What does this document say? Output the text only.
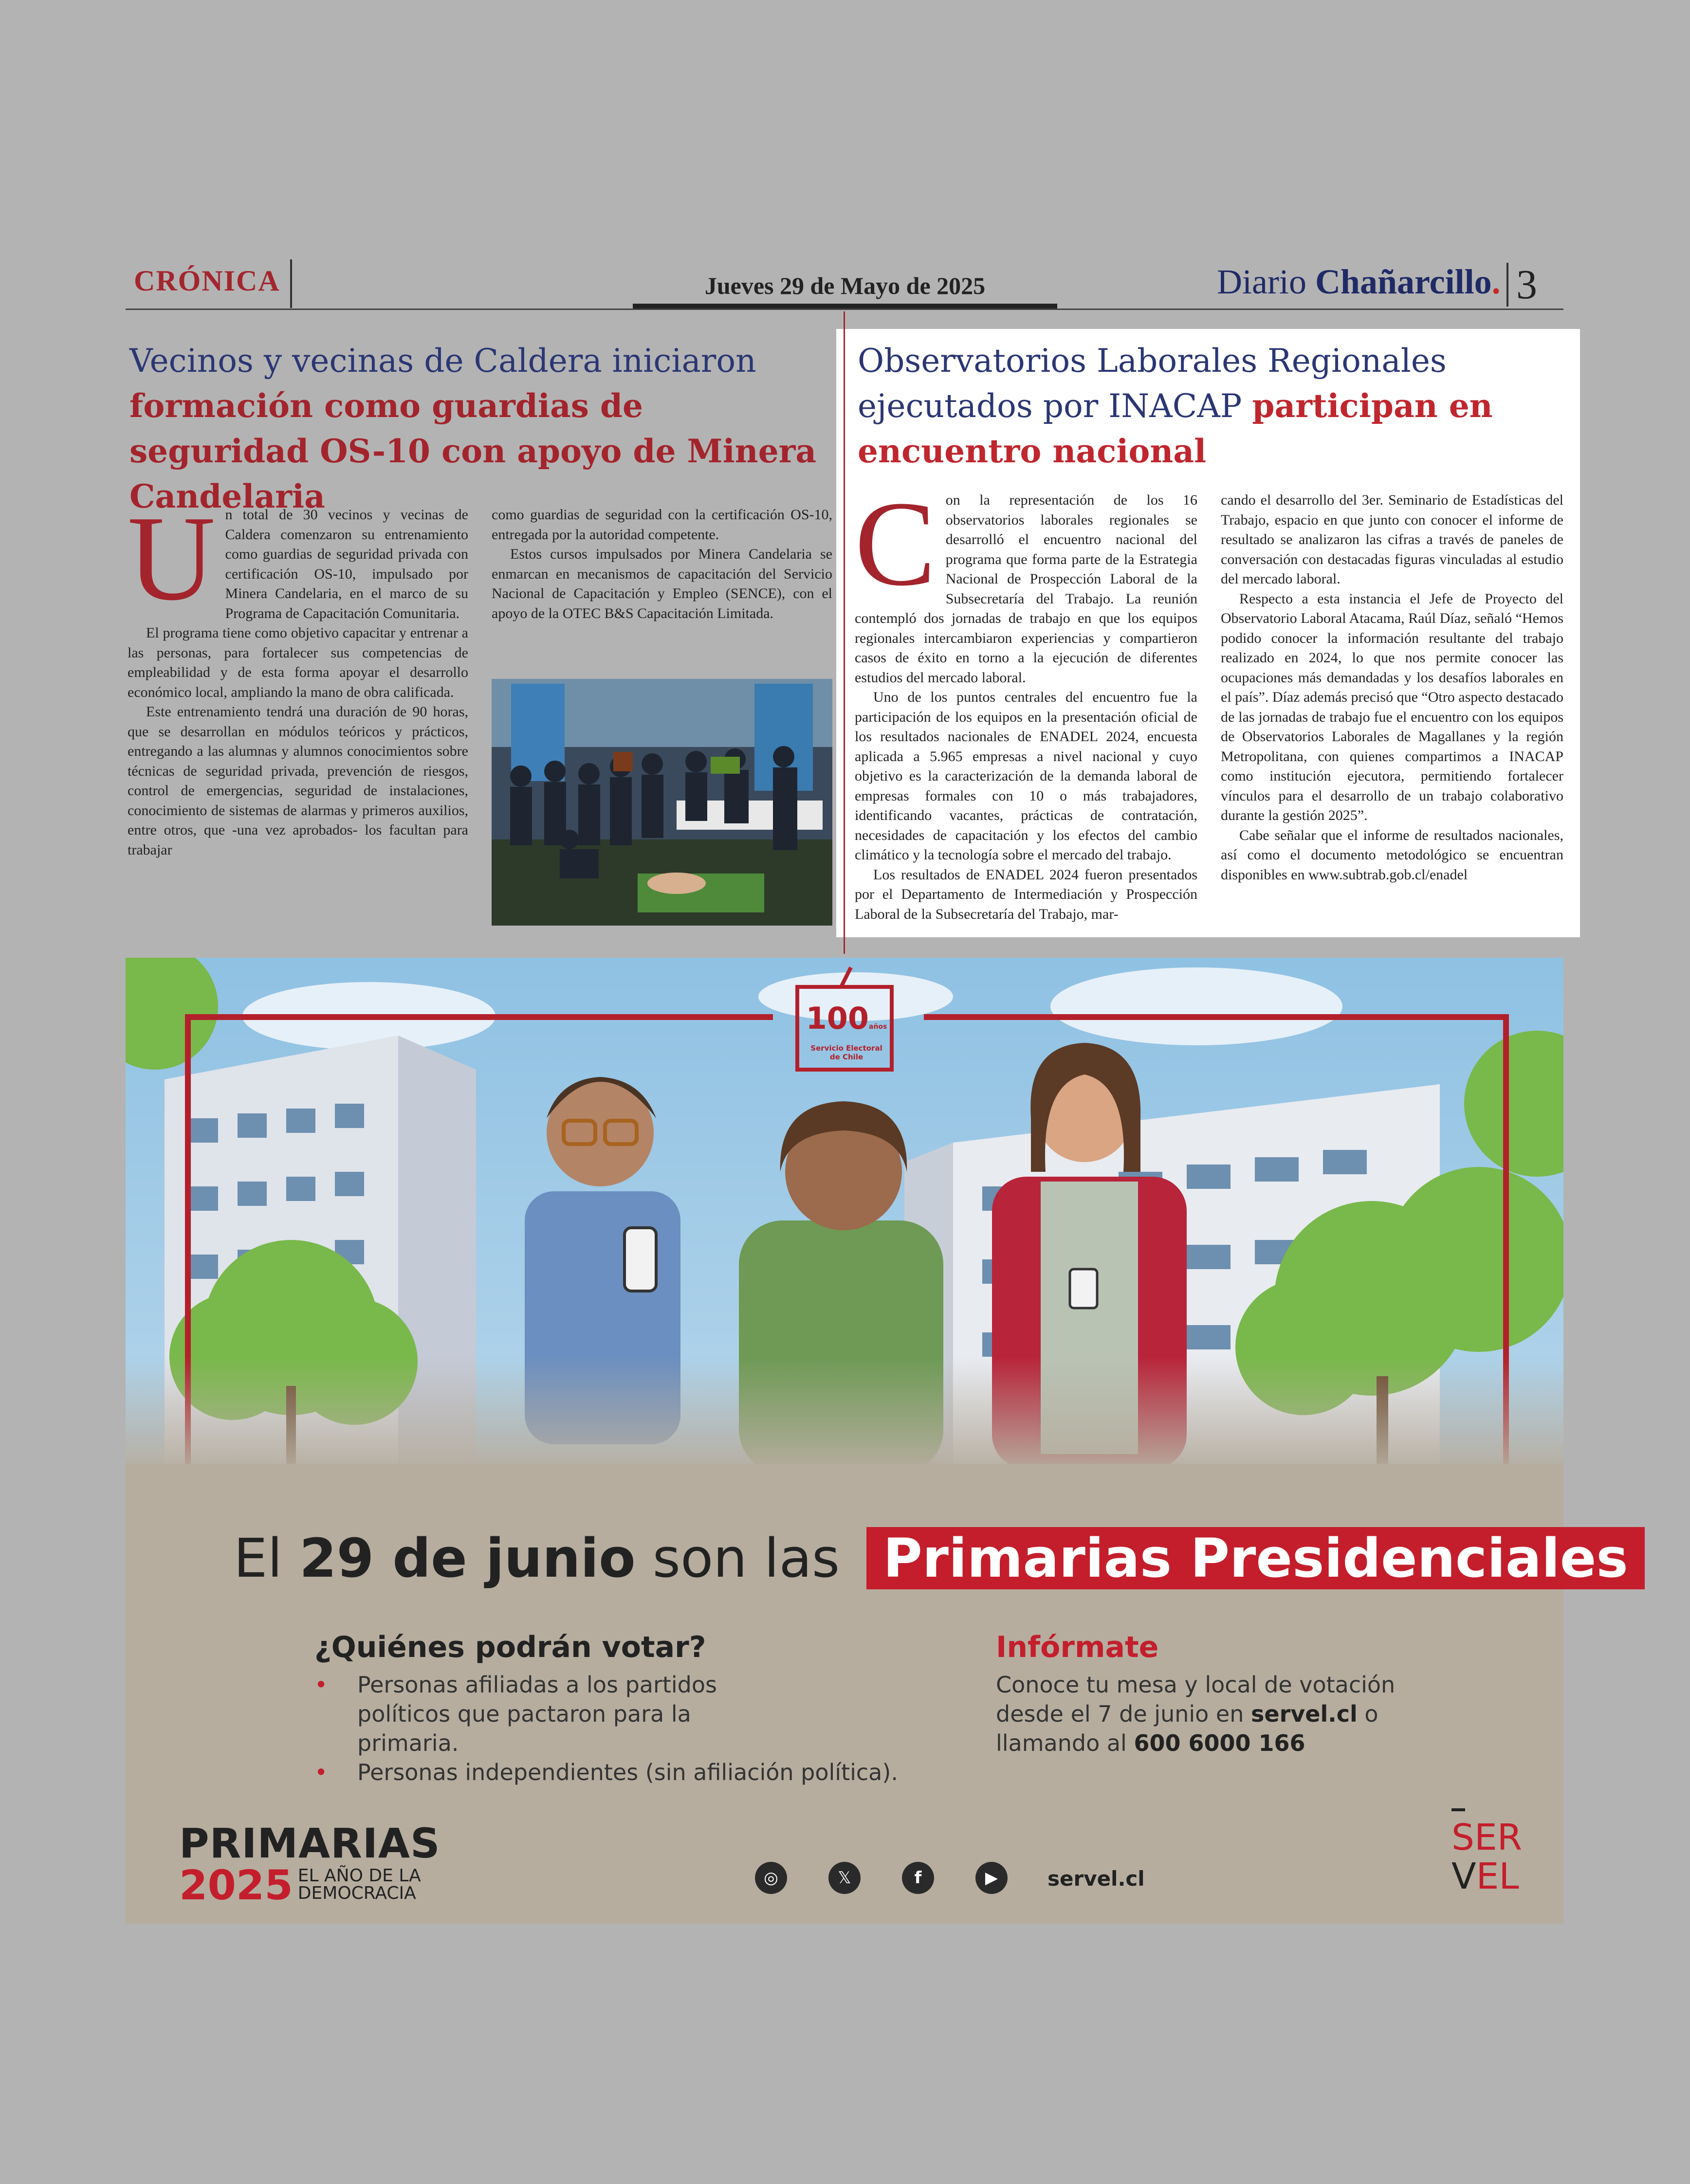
CRÓNICA	Jueves 29 de Mayo de 2025	Diario Chañarcillo. 3
Vecinos y vecinas de Caldera iniciaron
formación como guardias de seguridad OS-10 con apoyo de Minera Candelaria
U n total de 30 vecinos y vecinas de Caldera comenzaron su entrenamiento como guardias de seguridad privada con certificación OS-10, impulsado por Minera Candelaria, en el marco de su Programa de Capacitación Comunitaria.

El programa tiene como objetivo capacitar y entrenar a las personas, para fortalecer sus competencias de empleabilidad y de esta forma apoyar el desarrollo económico local, ampliando la mano de obra calificada.

Este entrenamiento tendrá una duración de 90 horas, que se desarrollan en módulos teóricos y prácticos, entregando a las alumnas y alumnos conocimientos sobre técnicas de seguridad privada, prevención de riesgos, control de emergencias, seguridad de instalaciones, conocimiento de sistemas de alarmas y primeros auxilios, entre otros, que -una vez aprobados- los facultan para trabajar

como guardias de seguridad con la certificación OS-10, entregada por la autoridad competente.

Estos cursos impulsados por Minera Candelaria se enmarcan en mecanismos de capacitación del Servicio Nacional de Capacitación y Empleo (SENCE), con el apoyo de la OTEC B&S Capacitación Limitada.

Observatorios Laborales Regionales ejecutados por INACAP participan en encuentro nacional
C on la representación de los 16 observatorios laborales regionales se desarrolló el encuentro nacional del programa que forma parte de la Estrategia Nacional de Prospección Laboral de la Subsecretaría del Trabajo. La reunión contempló dos jornadas de trabajo en que los equipos regionales intercambiaron experiencias y compartieron casos de éxito en torno a la ejecución de diferentes estudios del mercado laboral.

Uno de los puntos centrales del encuentro fue la participación de los equipos en la presentación oficial de los resultados nacionales de ENADEL 2024, encuesta aplicada a 5.965 empresas a nivel nacional y cuyo objetivo es la caracterización de la demanda laboral de empresas formales con 10 o más trabajadores, identificando vacantes, prácticas de contratación, necesidades de capacitación y los efectos del cambio climático y la tecnología sobre el mercado del trabajo.

Los resultados de ENADEL 2024 fueron presentados por el Departamento de Intermediación y Prospección Laboral de la Subsecretaría del Trabajo, mar-

cando el desarrollo del 3er. Seminario de Estadísticas del Trabajo, espacio en que junto con conocer el informe de resultado se analizaron las cifras a través de paneles de conversación con destacadas figuras vinculadas al estudio del mercado laboral.

Respecto a esta instancia el Jefe de Proyecto del Observatorio Laboral Atacama, Raúl Díaz, señaló “Hemos podido conocer la información resultante del trabajo realizado en 2024, lo que nos permite conocer las ocupaciones más demandadas y los desafíos laborales en el país”. Díaz además precisó que “Otro aspecto destacado de las jornadas de trabajo fue el encuentro con los equipos de Observatorios Laborales de Magallanes y la región Metropolitana, con quienes compartimos a INACAP como institución ejecutora, permitiendo fortalecer vínculos para el desarrollo de un trabajo colaborativo durante la gestión 2025”.

Cabe señalar que el informe de resultados nacionales, así como el documento metodológico se encuentran disponibles en www.subtrab.gob.cl/enadel

100años
Servicio Electoral de Chile
El 29 de junio son las Primarias Presidenciales
¿Quiénes podrán votar?
•	Personas afiliadas a los partidos políticos que pactaron para la primaria.
•	Personas independientes (sin afiliación política).
Infórmate
Conoce tu mesa y local de votación
desde el 7 de junio en servel.cl o
llamando al 600 6000 166
PRIMARIAS
2025 EL AÑO DE LA
DEMOCRACIA
◎	𝕏	f	▶	servel.cl
SER
VEL
